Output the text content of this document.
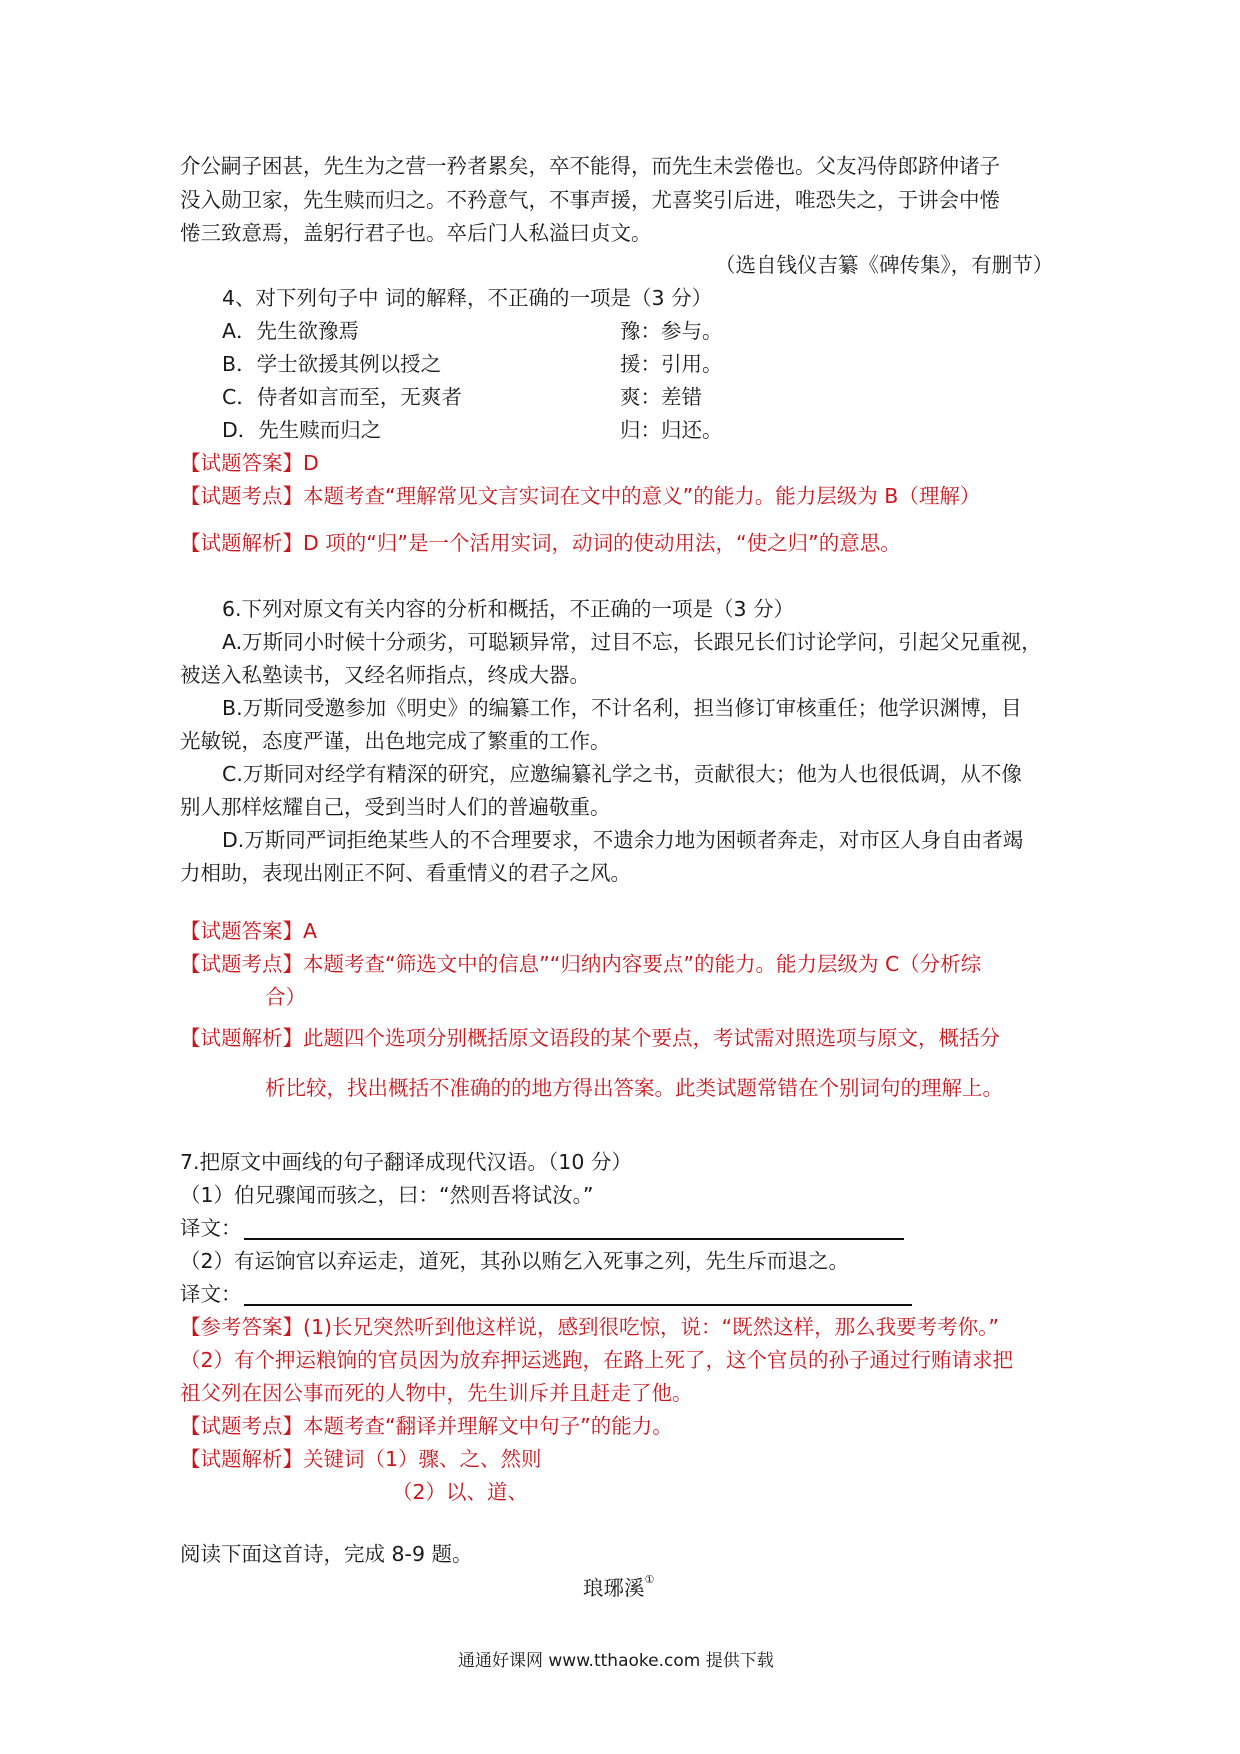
介公嗣子困甚，先生为之营一矜者累矣，卒不能得，而先生未尝倦也。父友冯侍郎跻仲诸子
没入勋卫家，先生赎而归之。不矜意气，不事声援，尤喜奖引后进，唯恐失之，于讲会中惓
惓三致意焉，盖躬行君子也。卒后门人私溢曰贞文。
（选自钱仪吉纂《碑传集》，有删节）
4、对下列句子中 词的解释，不正确的一项是（3 分）
A．先生欲豫焉	豫：参与。
B．学士欲援其例以授之	援：引用。
C．侍者如言而至，无爽者	爽：差错
D．先生赎而归之	归：归还。
【试题答案】D
【试题考点】本题考查“理解常见文言实词在文中的意义”的能力。能力层级为 B（理解）
【试题解析】D 项的“归”是一个活用实词，动词的使动用法，“使之归”的意思。
6.下列对原文有关内容的分析和概括，不正确的一项是（3 分）
A.万斯同小时候十分顽劣，可聪颖异常，过目不忘，长跟兄长们讨论学问，引起父兄重视，
被送入私塾读书，又经名师指点，终成大器。
B.万斯同受邀参加《明史》的编纂工作，不计名利，担当修订审核重任；他学识渊博，目
光敏锐，态度严谨，出色地完成了繁重的工作。
C.万斯同对经学有精深的研究，应邀编纂礼学之书，贡献很大；他为人也很低调，从不像
别人那样炫耀自己，受到当时人们的普遍敬重。
D.万斯同严词拒绝某些人的不合理要求，不遗余力地为困顿者奔走，对市区人身自由者竭
力相助，表现出刚正不阿、看重情义的君子之风。
【试题答案】A
【试题考点】本题考查“筛选文中的信息”“归纳内容要点”的能力。能力层级为 C（分析综
合）
【试题解析】此题四个选项分别概括原文语段的某个要点，考试需对照选项与原文，概括分
析比较，找出概括不准确的的地方得出答案。此类试题常错在个别词句的理解上。
7.把原文中画线的句子翻译成现代汉语。（10 分）
（1）伯兄骤闻而骇之，曰：“然则吾将试汝。”
译文：
（2）有运饷官以弃运走，道死，其孙以贿乞入死事之列，先生斥而退之。
译文：
【参考答案】(1)长兄突然听到他这样说，感到很吃惊，说：“既然这样，那么我要考考你。”
（2）有个押运粮饷的官员因为放弃押运逃跑，在路上死了，这个官员的孙子通过行贿请求把
祖父列在因公事而死的人物中，先生训斥并且赶走了他。
【试题考点】本题考查“翻译并理解文中句子”的能力。
【试题解析】关键词（1）骤、之、然则
（2）以、道、
阅读下面这首诗，完成 8-9 题。
琅琊溪①
通通好课网 www.tthaoke.com 提供下载
